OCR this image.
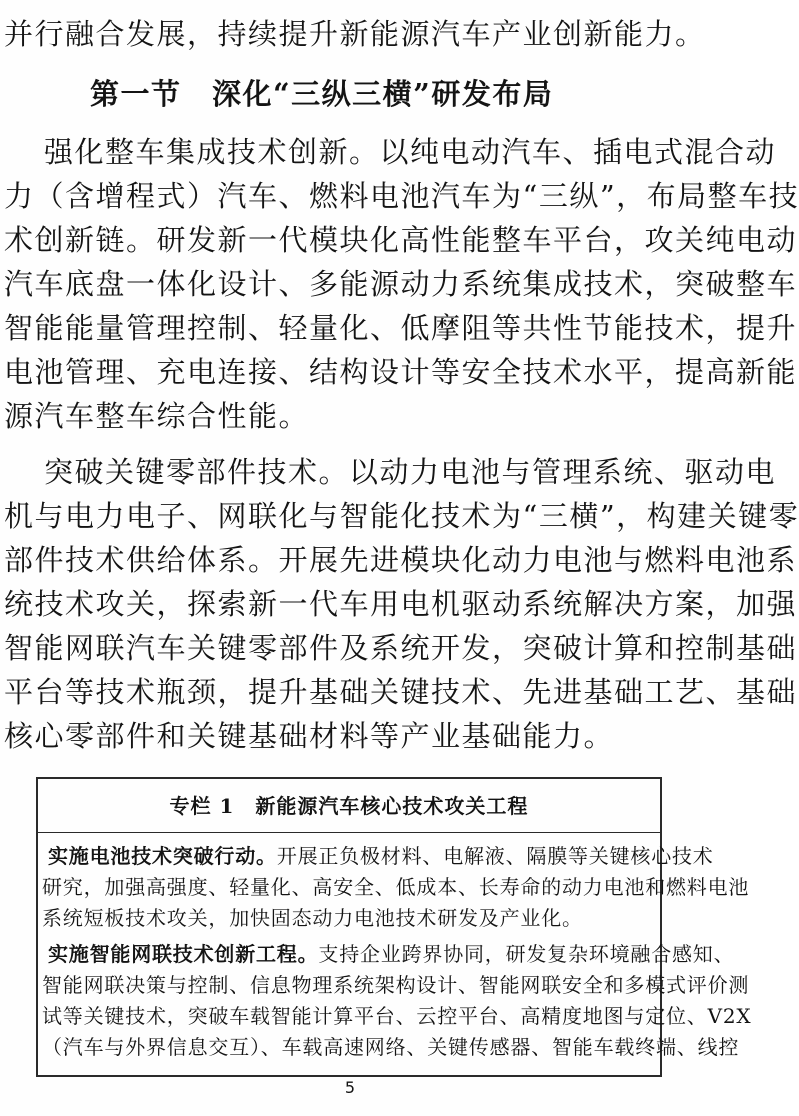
并行融合发展，持续提升新能源汽车产业创新能力。
第一节　深化“三纵三横”研发布局
强化整车集成技术创新。以纯电动汽车、插电式混合动
力（含增程式）汽车、燃料电池汽车为“三纵”，布局整车技
术创新链。研发新一代模块化高性能整车平台，攻关纯电动
汽车底盘一体化设计、多能源动力系统集成技术，突破整车
智能能量管理控制、轻量化、低摩阻等共性节能技术，提升
电池管理、充电连接、结构设计等安全技术水平，提高新能
源汽车整车综合性能。
突破关键零部件技术。以动力电池与管理系统、驱动电
机与电力电子、网联化与智能化技术为“三横”，构建关键零
部件技术供给体系。开展先进模块化动力电池与燃料电池系
统技术攻关，探索新一代车用电机驱动系统解决方案，加强
智能网联汽车关键零部件及系统开发，突破计算和控制基础
平台等技术瓶颈，提升基础关键技术、先进基础工艺、基础
核心零部件和关键基础材料等产业基础能力。
专栏 1　新能源汽车核心技术攻关工程
实施电池技术突破行动。开展正负极材料、电解液、隔膜等关键核心技术
研究，加强高强度、轻量化、高安全、低成本、长寿命的动力电池和燃料电池
系统短板技术攻关，加快固态动力电池技术研发及产业化。
实施智能网联技术创新工程。支持企业跨界协同，研发复杂环境融合感知、
智能网联决策与控制、信息物理系统架构设计、智能网联安全和多模式评价测
试等关键技术，突破车载智能计算平台、云控平台、高精度地图与定位、V2X
（汽车与外界信息交互）、车载高速网络、关键传感器、智能车载终端、线控
5
